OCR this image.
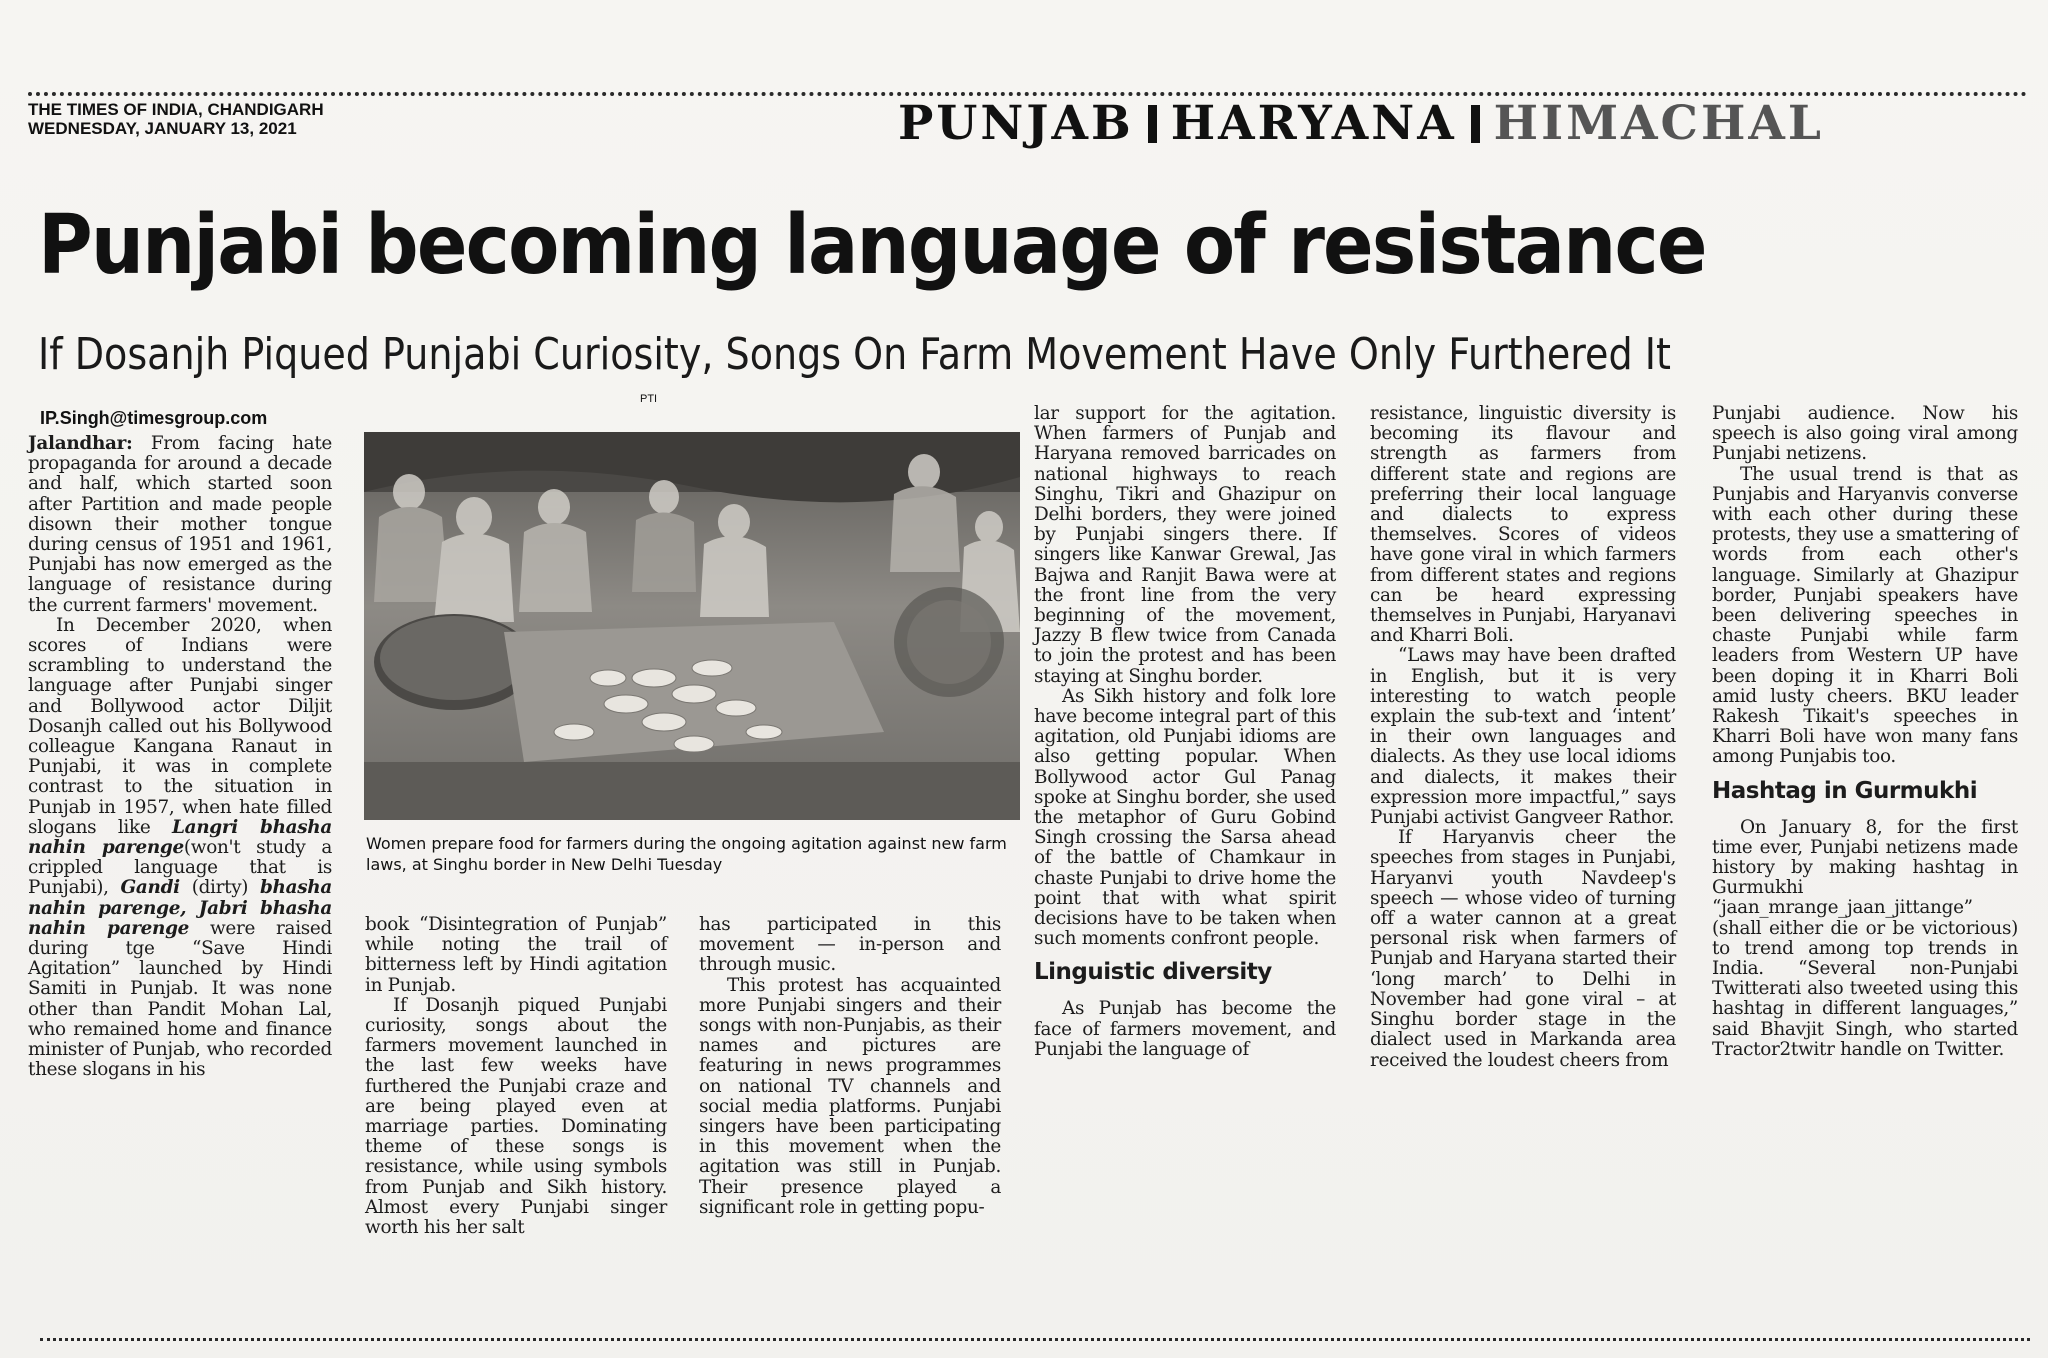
THE TIMES OF INDIA, CHANDIGARH
WEDNESDAY, JANUARY 13, 2021	PUNJAB HARYANA HIMACHAL
Punjabi becoming language of resistance
If Dosanjh Piqued Punjabi Curiosity, Songs On Farm Movement Have Only Furthered It
IP.Singh@timesgroup.com
PTI
Women prepare food for farmers during the ongoing agitation against new farm laws, at Singhu border in New Delhi Tuesday

Jalandhar: From facing hate propaganda for around a decade and half, which started soon after Partition and made people disown their mother tongue during census of 1951 and 1961, Punjabi has now emerged as the language of resistance during the current farmers' movement.

In December 2020, when scores of Indians were scrambling to understand the language after Punjabi singer and Bollywood actor Diljit Dosanjh called out his Bollywood colleague Kangana Ranaut in Punjabi, it was in complete contrast to the situation in Punjab in 1957, when hate filled slogans like Langri bhasha nahin parenge(won't study a crippled language that is Punjabi), Gandi (dirty) bhasha nahin parenge, Jabri bhasha nahin parenge were raised during tge “Save Hindi Agitation” launched by Hindi Samiti in Punjab. It was none other than Pandit Mohan Lal, who remained home and finance minister of Punjab, who recorded these slogans in his

book “Disintegration of Punjab” while noting the trail of bitterness left by Hindi agitation in Punjab.

If Dosanjh piqued Punjabi curiosity, songs about the farmers movement launched in the last few weeks have furthered the Punjabi craze and are being played even at marriage parties. Dominating theme of these songs is resistance, while using symbols from Punjab and Sikh history. Almost every Punjabi singer worth his her salt

has participated in this movement — in-person and through music.

This protest has acquainted more Punjabi singers and their songs with non-Punjabis, as their names and pictures are featuring in news programmes on national TV channels and social media platforms. Punjabi singers have been participating in this movement when the agitation was still in Punjab. Their presence played a significant role in getting popu-

lar support for the agitation. When farmers of Punjab and Haryana removed barricades on national highways to reach Singhu, Tikri and Ghazipur on Delhi borders, they were joined by Punjabi singers there. If singers like Kanwar Grewal, Jas Bajwa and Ranjit Bawa were at the front line from the very beginning of the movement, Jazzy B flew twice from Canada to join the protest and has been staying at Singhu border.

As Sikh history and folk lore have become integral part of this agitation, old Punjabi idioms are also getting popular. When Bollywood actor Gul Panag spoke at Singhu border, she used the metaphor of Guru Gobind Singh crossing the Sarsa ahead of the battle of Chamkaur in chaste Punjabi to drive home the point that with what spirit decisions have to be taken when such moments confront people.

Linguistic diversity

As Punjab has become the face of farmers movement, and Punjabi the language of

resistance, linguistic diversity is becoming its flavour and strength as farmers from different state and regions are preferring their local language and dialects to express themselves. Scores of videos have gone viral in which farmers from different states and regions can be heard expressing themselves in Punjabi, Haryanavi and Kharri Boli.

“Laws may have been drafted in English, but it is very interesting to watch people explain the sub-text and ‘intent’ in their own languages and dialects. As they use local idioms and dialects, it makes their expression more impactful,” says Punjabi activist Gangveer Rathor.

If Haryanvis cheer the speeches from stages in Punjabi, Haryanvi youth Navdeep's speech — whose video of turning off a water cannon at a great personal risk when farmers of Punjab and Haryana started their ‘long march’ to Delhi in November had gone viral – at Singhu border stage in the dialect used in Markanda area received the loudest cheers from

Punjabi audience. Now his speech is also going viral among Punjabi netizens.

The usual trend is that as Punjabis and Haryanvis converse with each other during these protests, they use a smattering of words from each other's language. Similarly at Ghazipur border, Punjabi speakers have been delivering speeches in chaste Punjabi while farm leaders from Western UP have been doping it in Kharri Boli amid lusty cheers. BKU leader Rakesh Tikait's speeches in Kharri Boli have won many fans among Punjabis too.

Hashtag in Gurmukhi

On January 8, for the first time ever, Punjabi netizens made history by making hashtag in Gurmukhi “jaan_mrange_jaan_jittange” (shall either die or be victorious) to trend among top trends in India. “Several non-Punjabi Twitterati also tweeted using this hashtag in different languages,” said Bhavjit Singh, who started Tractor2twitr handle on Twitter.
